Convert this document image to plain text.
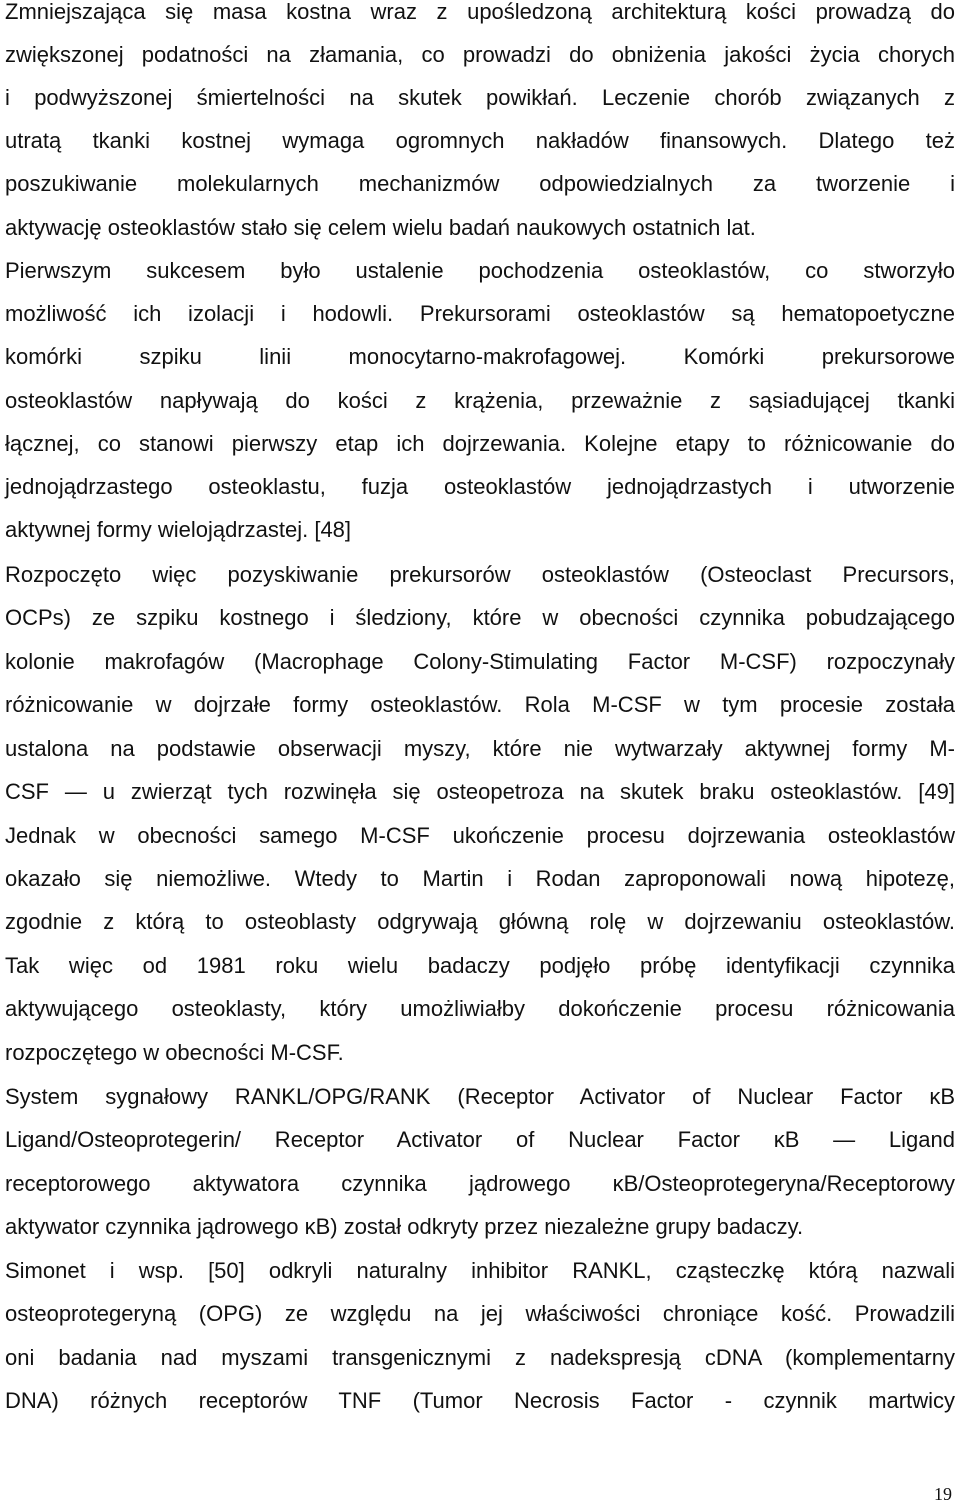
Zmniejszająca się masa kostna wraz z upośledzoną architekturą kości prowadzą do
zwiększonej podatności na złamania, co prowadzi do obniżenia jakości życia chorych
i podwyższonej śmiertelności na skutek powikłań. Leczenie chorób związanych z
utratą tkanki kostnej wymaga ogromnych nakładów finansowych. Dlatego też
poszukiwanie molekularnych mechanizmów odpowiedzialnych za tworzenie i
aktywację osteoklastów stało się celem wielu badań naukowych ostatnich lat.
Pierwszym sukcesem było ustalenie pochodzenia osteoklastów, co stworzyło
możliwość ich izolacji i hodowli. Prekursorami osteoklastów są hematopoetyczne
komórki szpiku linii monocytarno-makrofagowej. Komórki prekursorowe
osteoklastów napływają do kości z krążenia, przeważnie z sąsiadującej tkanki
łącznej, co stanowi pierwszy etap ich dojrzewania. Kolejne etapy to różnicowanie do
jednojądrzastego osteoklastu, fuzja osteoklastów jednojądrzastych i utworzenie
aktywnej formy wielojądrzastej. [48]
Rozpoczęto więc pozyskiwanie prekursorów osteoklastów (Osteoclast Precursors,
OCPs) ze szpiku kostnego i śledziony, które w obecności czynnika pobudzającego
kolonie makrofagów (Macrophage Colony-Stimulating Factor M-CSF) rozpoczynały
różnicowanie w dojrzałe formy osteoklastów. Rola M-CSF w tym procesie została
ustalona na podstawie obserwacji myszy, które nie wytwarzały aktywnej formy M-
CSF — u zwierząt tych rozwinęła się osteopetroza na skutek braku osteoklastów. [49]
Jednak w obecności samego M-CSF ukończenie procesu dojrzewania osteoklastów
okazało się niemożliwe. Wtedy to Martin i Rodan zaproponowali nową hipotezę,
zgodnie z którą to osteoblasty odgrywają główną rolę w dojrzewaniu osteoklastów.
Tak więc od 1981 roku wielu badaczy podjęło próbę identyfikacji czynnika
aktywującego osteoklasty, który umożliwiałby dokończenie procesu różnicowania
rozpoczętego w obecności M-CSF.
System sygnałowy RANKL/OPG/RANK (Receptor Activator of Nuclear Factor κB
Ligand/Osteoprotegerin/ Receptor Activator of Nuclear Factor κB — Ligand
receptorowego aktywatora czynnika jądrowego κB/Osteoprotegeryna/Receptorowy
aktywator czynnika jądrowego κB) został odkryty przez niezależne grupy badaczy.
Simonet i wsp. [50] odkryli naturalny inhibitor RANKL, cząsteczkę którą nazwali
osteoprotegeryną (OPG) ze względu na jej właściwości chroniące kość. Prowadzili
oni badania nad myszami transgenicznymi z nadekspresją cDNA (komplementarny
DNA) różnych receptorów TNF (Tumor Necrosis Factor - czynnik martwicy
19
